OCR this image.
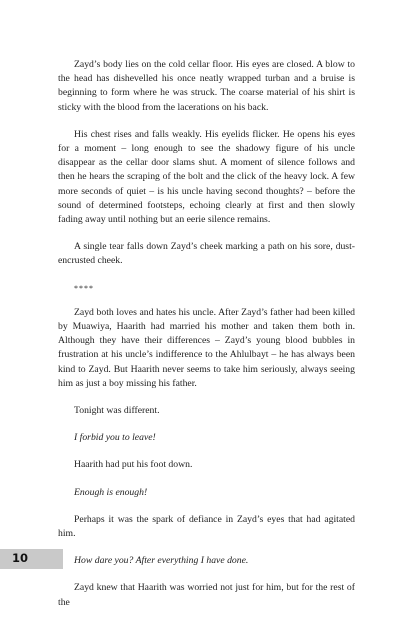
Zayd’s body lies on the cold cellar floor. His eyes are closed. A blow to the head has dishevelled his once neatly wrapped turban and a bruise is beginning to form where he was struck. The coarse material of his shirt is sticky with the blood from the lacerations on his back.

His chest rises and falls weakly. His eyelids flicker. He opens his eyes for a moment – long enough to see the shadowy figure of his uncle disappear as the cellar door slams shut. A moment of silence follows and then he hears the scraping of the bolt and the click of the heavy lock. A few more seconds of quiet – is his uncle having second thoughts? – before the sound of determined footsteps, echoing clearly at first and then slowly fading away until nothing but an eerie silence remains.

A single tear falls down Zayd’s cheek marking a path on his sore, dust-encrusted cheek.

****

Zayd both loves and hates his uncle. After Zayd’s father had been killed by Muawiya, Haarith had married his mother and taken them both in. Although they have their differences – Zayd’s young blood bubbles in frustration at his uncle’s indifference to the Ahlulbayt – he has always been kind to Zayd. But Haarith never seems to take him seriously, always seeing him as just a boy missing his father.

Tonight was different.

I forbid you to leave!

Haarith had put his foot down.

Enough is enough!

Perhaps it was the spark of defiance in Zayd’s eyes that had agitated him.

How dare you? After everything I have done.

Zayd knew that Haarith was worried not just for him, but for the rest of the

10
